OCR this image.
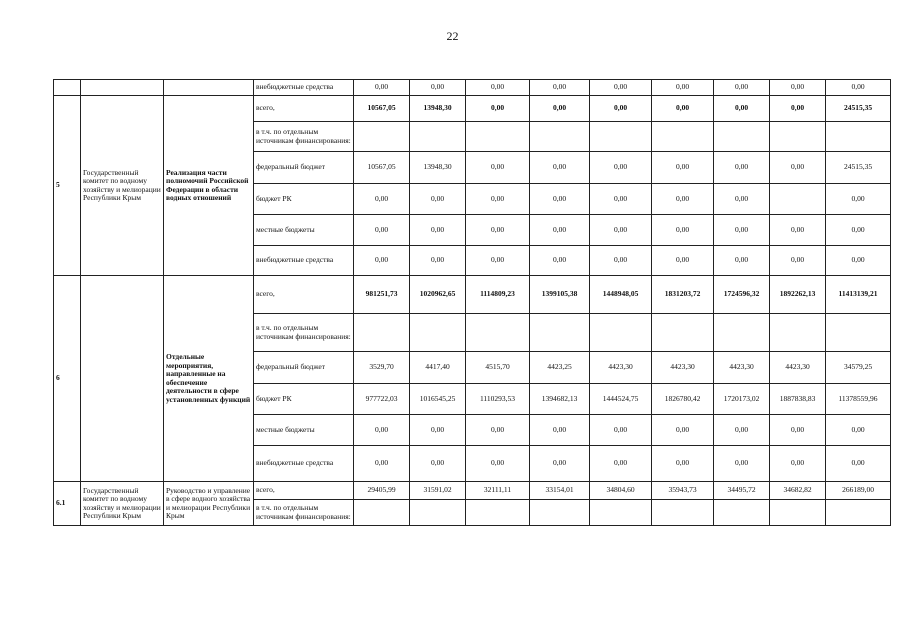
22
			внебюджетные средства	0,00	0,00	0,00	0,00	0,00	0,00	0,00	0,00	0,00
5	Государственный комитет по водному хозяйству и мелиорации Республики Крым	Реализация части полномочий Российской Федерации в области водных отношений	всего,	10567,05	13948,30	0,00	0,00	0,00	0,00	0,00	0,00	24515,35
			в т.ч. по отдельным источникам финансирования:									
			федеральный бюджет	10567,05	13948,30	0,00	0,00	0,00	0,00	0,00	0,00	24515,35
			бюджет РК	0,00	0,00	0,00	0,00	0,00	0,00	0,00		0,00
			местные бюджеты	0,00	0,00	0,00	0,00	0,00	0,00	0,00	0,00	0,00
			внебюджетные средства	0,00	0,00	0,00	0,00	0,00	0,00	0,00	0,00	0,00
6		Отдельные мероприятия, направленные на обеспечение деятельности в сфере установленных функций	всего,	981251,73	1020962,65	1114809,23	1399105,38	1448948,05	1831203,72	1724596,32	1892262,13	11413139,21
			в т.ч. по отдельным источникам финансирования:									
			федеральный бюджет	3529,70	4417,40	4515,70	4423,25	4423,30	4423,30	4423,30	4423,30	34579,25
			бюджет РК	977722,03	1016545,25	1110293,53	1394682,13	1444524,75	1826780,42	1720173,02	1887838,83	11378559,96
			местные бюджеты	0,00	0,00	0,00	0,00	0,00	0,00	0,00	0,00	0,00
			внебюджетные средства	0,00	0,00	0,00	0,00	0,00	0,00	0,00	0,00	0,00
6.1	Государственный комитет по водному хозяйству и мелиорации Республики Крым	Руководство и управление в сфере водного хозяйства и мелиорации Республики Крым	всего,	29405,99	31591,02	32111,11	33154,01	34804,60	35943,73	34495,72	34682,82	266189,00
			в т.ч. по отдельным источникам финансирования:									
